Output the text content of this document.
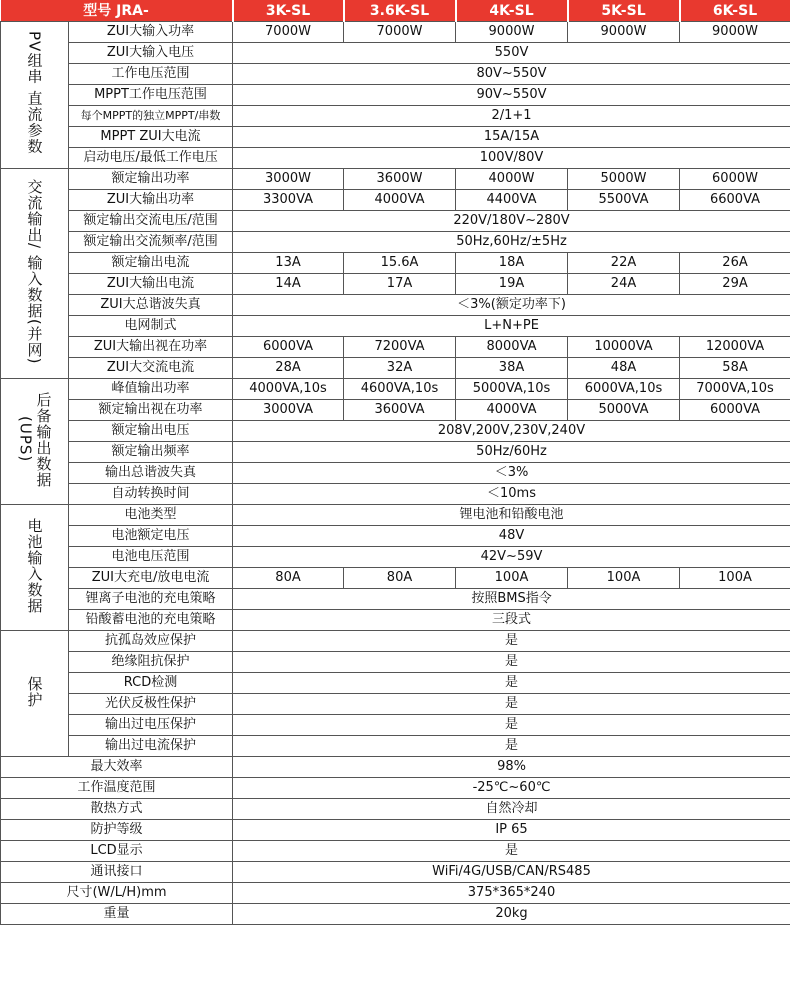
型号 JRA-		3K-SL	3.6K-SL	4K-SL	5K-SL	6K-SL
PV组串 直流参数	ZUI大输入功率	7000W	7000W	9000W	9000W	9000W
	ZUI大输入电压	550V				
	工作电压范围	80V~550V				
	MPPT工作电压范围	90V~550V				
	每个MPPT的独立MPPT/串数	2/1+1				
	MPPT ZUI大电流	15A/15A				
	启动电压/最低工作电压	100V/80V				
交流输出/ 输入数据(并网)	额定输出功率	3000W	3600W	4000W	5000W	6000W
	ZUI大输出功率	3300VA	4000VA	4400VA	5500VA	6600VA
	额定输出交流电压/范围	220V/180V~280V				
	额定输出交流频率/范围	50Hz,60Hz/±5Hz				
	额定输出电流	13A	15.6A	18A	22A	26A
	ZUI大输出电流	14A	17A	19A	24A	29A
	ZUI大总谐波失真	＜3%(额定功率下)				
	电网制式	L+N+PE				
	ZUI大输出视在功率	6000VA	7200VA	8000VA	10000VA	12000VA
	ZUI大交流电流	28A	32A	38A	48A	58A
后备输出数据 (UPS)	峰值输出功率	4000VA,10s	4600VA,10s	5000VA,10s	6000VA,10s	7000VA,10s
	额定输出视在功率	3000VA	3600VA	4000VA	5000VA	6000VA
	额定输出电压	208V,200V,230V,240V				
	额定输出频率	50Hz/60Hz				
	输出总谐波失真	＜3%				
	自动转换时间	＜10ms				
电池输入数据	电池类型	锂电池和铅酸电池				
	电池额定电压	48V				
	电池电压范围	42V~59V				
	ZUI大充电/放电电流	80A	80A	100A	100A	100A
	锂离子电池的充电策略	按照BMS指令				
	铅酸蓄电池的充电策略	三段式				
保护	抗孤岛效应保护	是				
	绝缘阻抗保护	是				
	RCD检测	是				
	光伏反极性保护	是				
	输出过电压保护	是				
	输出过电流保护	是				
最大效率		98%				
工作温度范围		-25℃~60℃				
散热方式		自然冷却				
防护等级		IP 65				
LCD显示		是				
通讯接口		WiFi/4G/USB/CAN/RS485				
尺寸(W/L/H)mm		375*365*240				
重量		20kg				
